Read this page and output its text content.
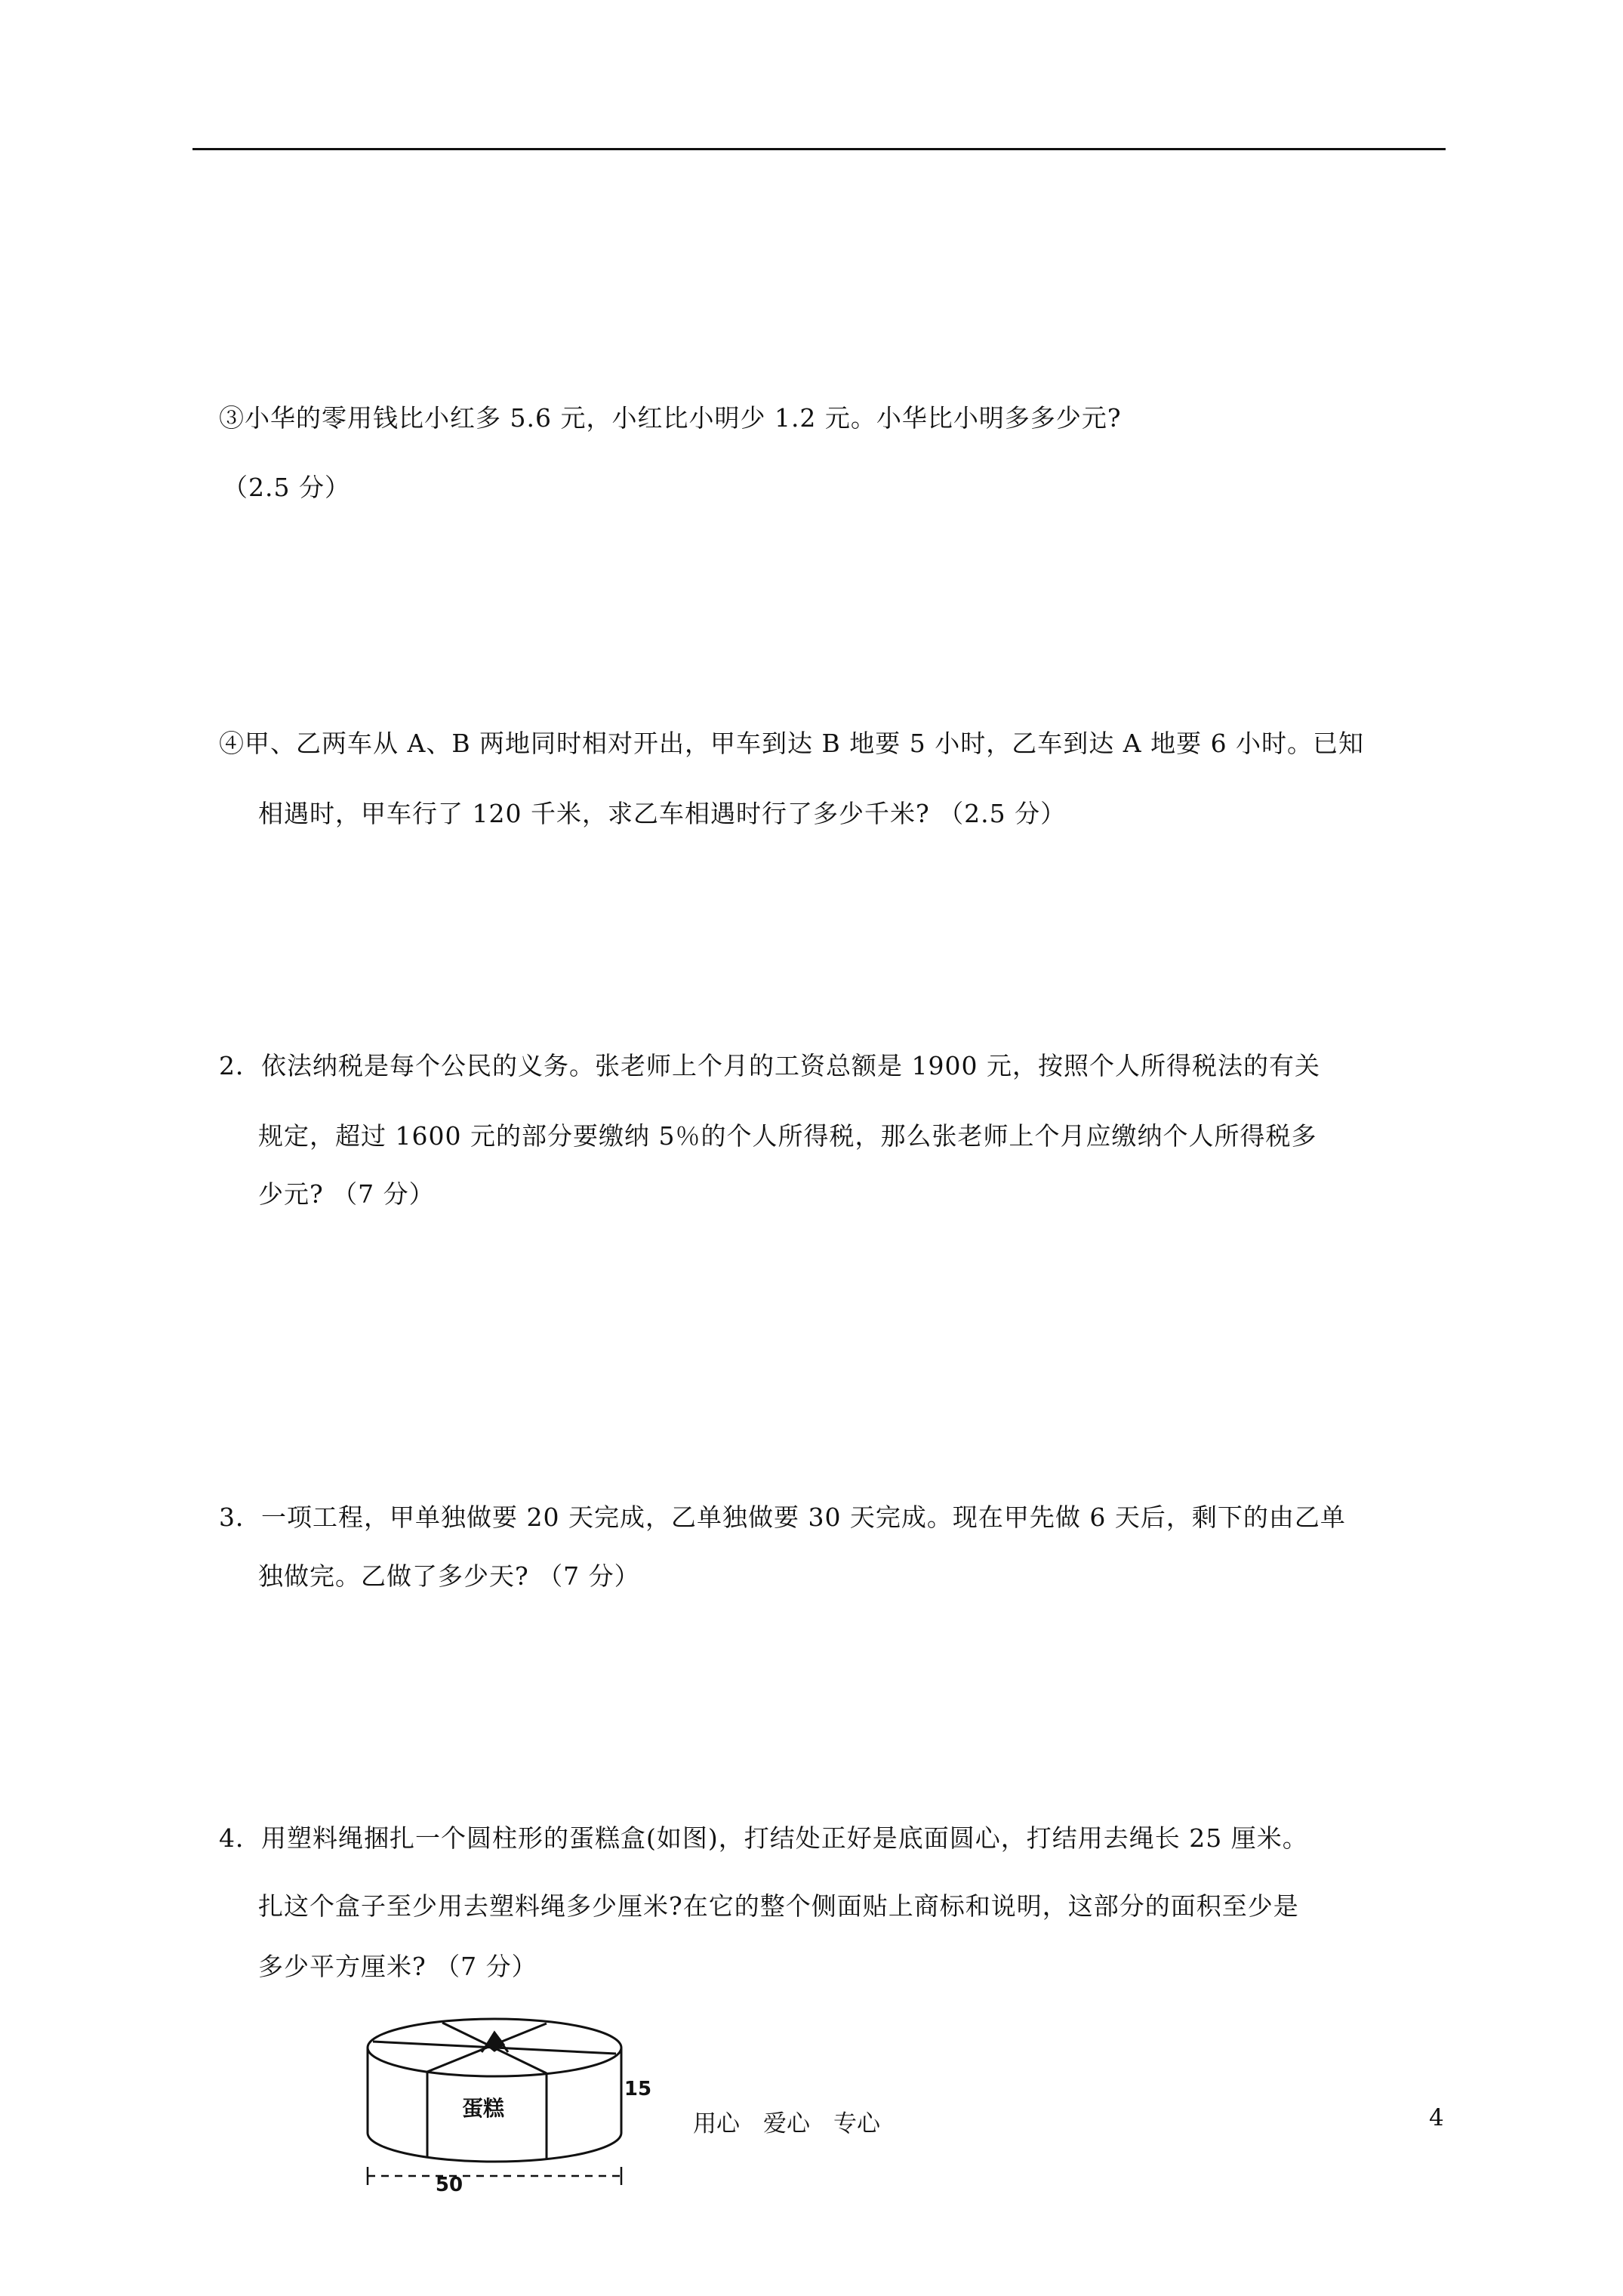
③小华的零用钱比小红多 5.6 元，小红比小明少 1.2 元。小华比小明多多少元?
（2.5 分）
④甲、乙两车从 A、B 两地同时相对开出，甲车到达 B 地要 5 小时，乙车到达 A 地要 6 小时。已知
相遇时，甲车行了 120 千米，求乙车相遇时行了多少千米? （2.5 分）
2．依法纳税是每个公民的义务。张老师上个月的工资总额是 1900 元，按照个人所得税法的有关
规定，超过 1600 元的部分要缴纳 5％的个人所得税，那么张老师上个月应缴纳个人所得税多
少元? （7 分）
3．一项工程，甲单独做要 20 天完成，乙单独做要 30 天完成。现在甲先做 6 天后，剩下的由乙单
独做完。乙做了多少天? （7 分）
4．用塑料绳捆扎一个圆柱形的蛋糕盒(如图)，打结处正好是底面圆心，打结用去绳长 25 厘米。
扎这个盒子至少用去塑料绳多少厘米?在它的整个侧面贴上商标和说明，这部分的面积至少是
多少平方厘米? （7 分）
蛋糕
15
50
用心　爱心　专心	4
